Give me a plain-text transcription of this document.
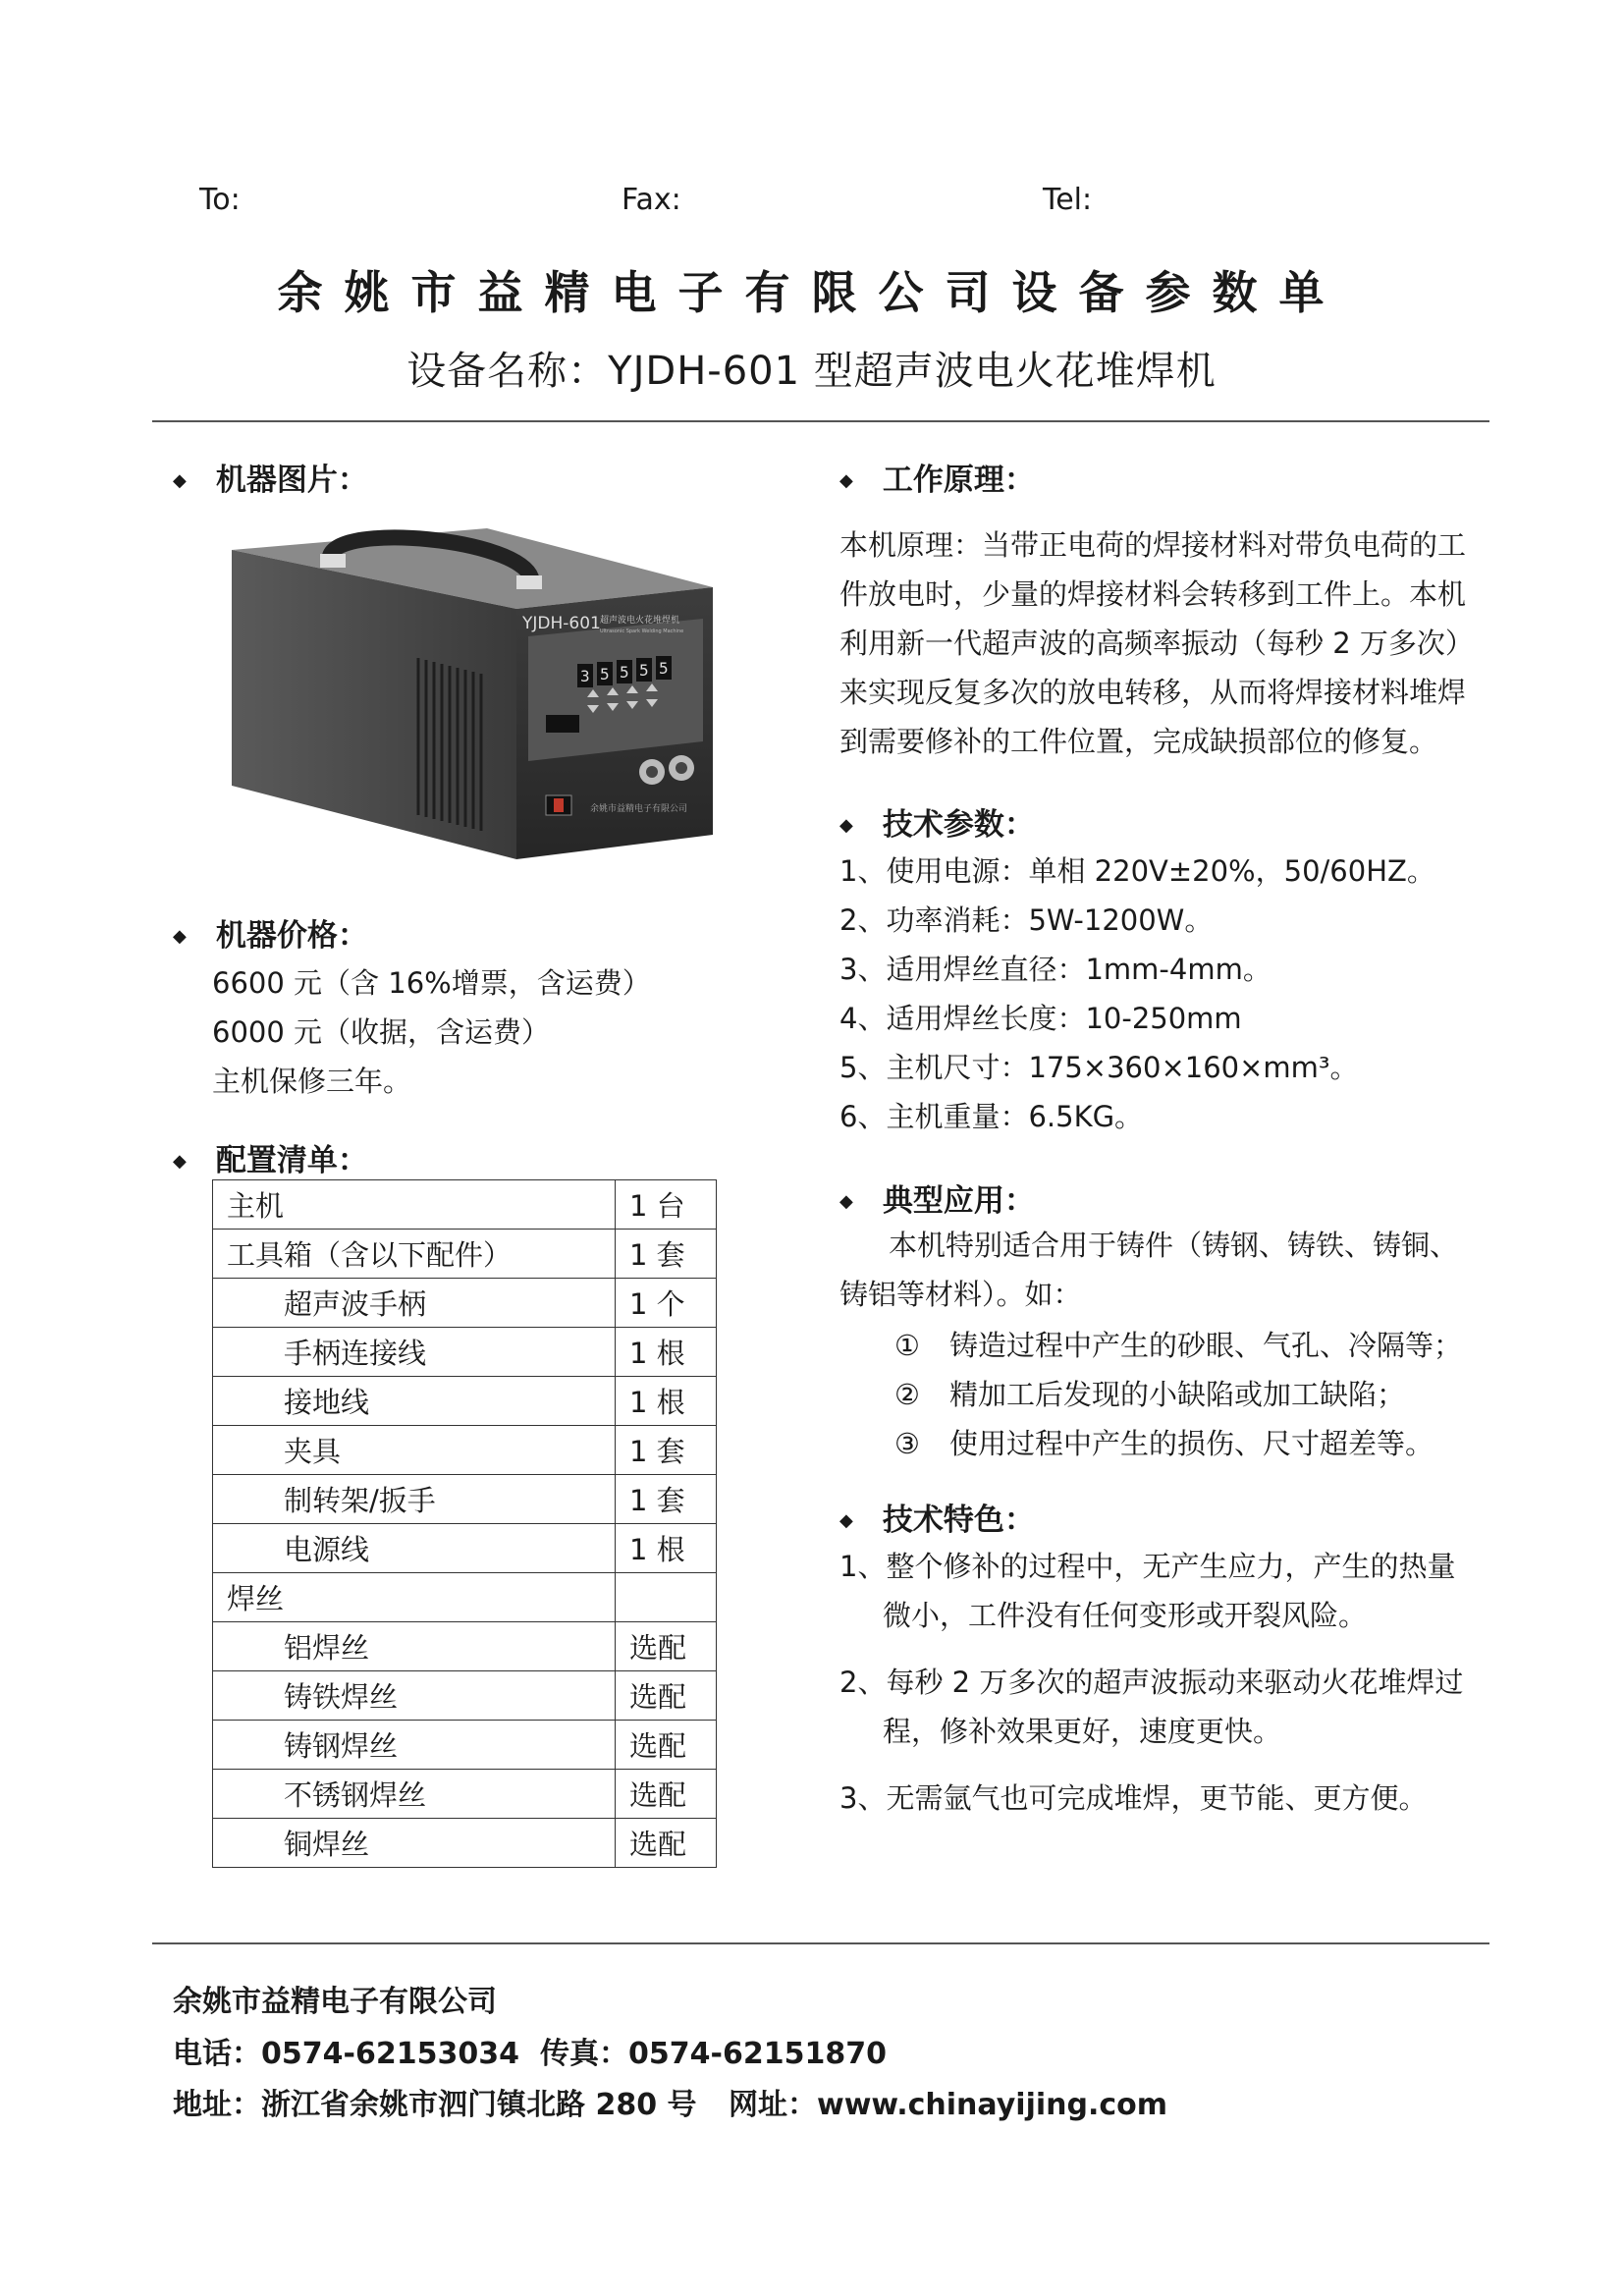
To:	Fax:	Tel:
余姚市益精电子有限公司设备参数单
设备名称：YJDH-601 型超声波电火花堆焊机
◆ 机器图片：
3 5 5 5 5
YJDH-601 超声波电火花堆焊机
Ultrasonic Spark Welding Machine
余姚市益精电子有限公司
◆ 机器价格：
6600 元（含 16%增票，含运费）
6000 元（收据，含运费）
主机保修三年。
◆ 配置清单：
主机	1 台
工具箱（含以下配件）	1 套
超声波手柄	1 个
手柄连接线	1 根
接地线	1 根
夹具	1 套
制转架/扳手	1 套
电源线	1 根
焊丝	
铝焊丝	选配
铸铁焊丝	选配
铸钢焊丝	选配
不锈钢焊丝	选配
铜焊丝	选配
◆ 工作原理：
本机原理：当带正电荷的焊接材料对带负电荷的工
件放电时，少量的焊接材料会转移到工件上。本机
利用新一代超声波的高频率振动（每秒 2 万多次）
来实现反复多次的放电转移，从而将焊接材料堆焊
到需要修补的工件位置，完成缺损部位的修复。
◆ 技术参数：
1、使用电源：单相 220V±20%，50/60HZ。
2、功率消耗：5W-1200W。
3、适用焊丝直径：1mm-4mm。
4、适用焊丝长度：10-250mm
5、主机尺寸：175×360×160×mm³。
6、主机重量：6.5KG。
◆ 典型应用：
本机特别适合用于铸件（铸钢、铸铁、铸铜、
铸铝等材料）。如：
① 铸造过程中产生的砂眼、气孔、冷隔等；
② 精加工后发现的小缺陷或加工缺陷；
③ 使用过程中产生的损伤、尺寸超差等。
◆ 技术特色：
1、整个修补的过程中，无产生应力，产生的热量
微小，工件没有任何变形或开裂风险。
2、每秒 2 万多次的超声波振动来驱动火花堆焊过
程，修补效果更好，速度更快。
3、无需氩气也可完成堆焊，更节能、更方便。
余姚市益精电子有限公司
电话：0574-62153034 传真：0574-62151870
地址：浙江省余姚市泗门镇北路 280 号 网址：www.chinayijing.com
